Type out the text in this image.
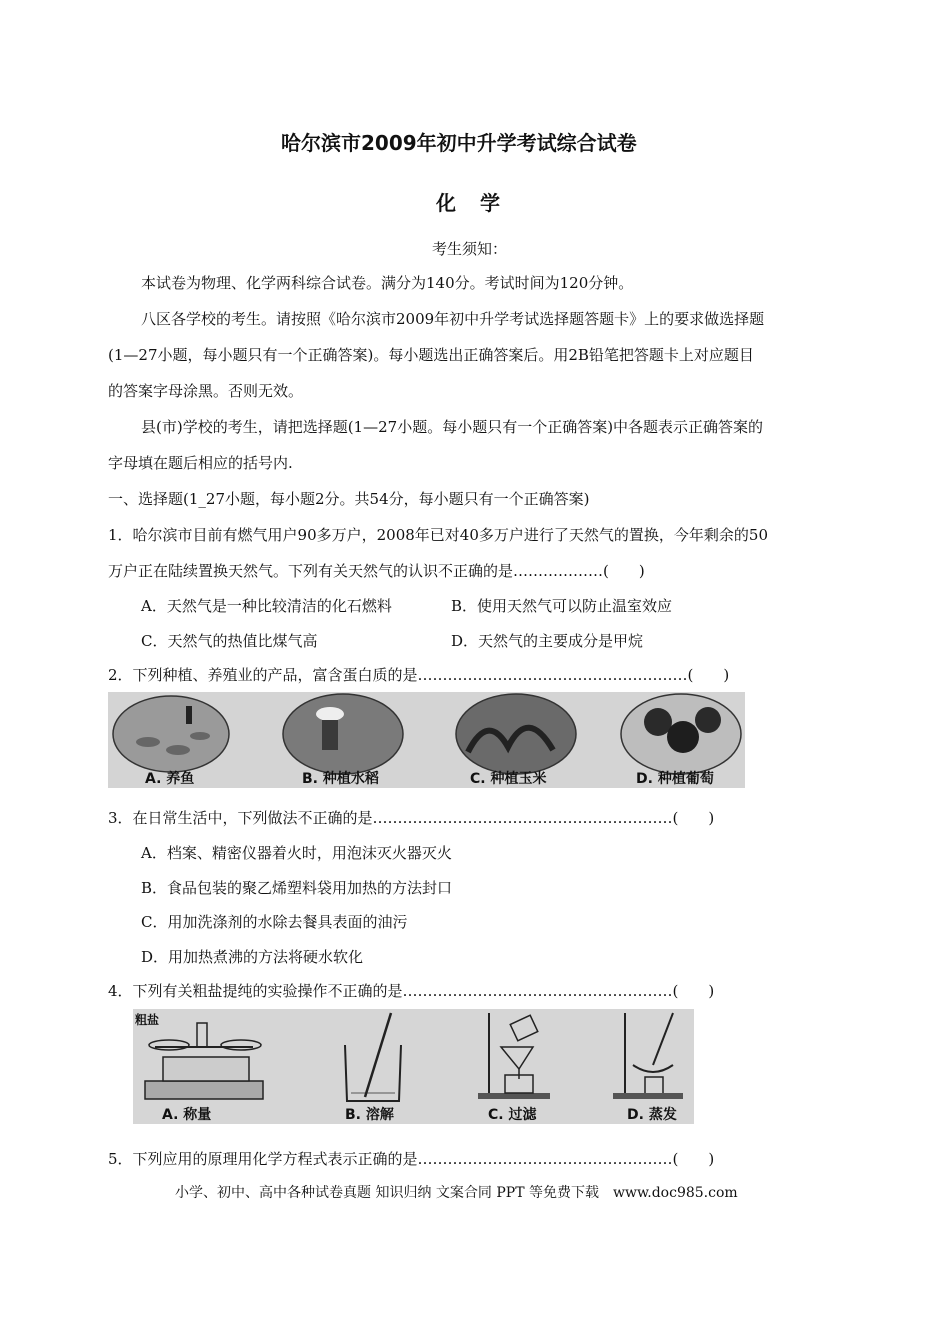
哈尔滨市2009年初中升学考试综合试卷
化　学
考生须知：
本试卷为物理、化学两科综合试卷。满分为140分。考试时间为120分钟。
八区各学校的考生。请按照《哈尔滨市2009年初中升学考试选择题答题卡》上的要求做选择题
(1—27小题，每小题只有一个正确答案)。每小题选出正确答案后。用2B铅笔把答题卡上对应题目
的答案字母涂黑。否则无效。
县(市)学校的考生，请把选择题(1—27小题。每小题只有一个正确答案)中各题表示正确答案的
字母填在题后相应的括号内.
一、选择题(1_27小题，每小题2分。共54分，每小题只有一个正确答案)
1．哈尔滨市目前有燃气用户90多万户，2008年已对40多万户进行了天然气的置换，今年剩余的50
万户正在陆续置换天然气。下列有关天然气的认识不正确的是………………(　　)
A．天然气是一种比较清洁的化石燃料	B．使用天然气可以防止温室效应
C．天然气的热值比煤气高	D．天然气的主要成分是甲烷
2．下列种植、养殖业的产品，富含蛋白质的是………………………………………………(　　)
A. 养鱼	B. 种植水稻	C. 种植玉米	D. 种植葡萄
3．在日常生活中，下列做法不正确的是……………………………………………………(　　)
A．档案、精密仪器着火时，用泡沫灭火器灭火
B．食品包装的聚乙烯塑料袋用加热的方法封口
C．用加洗涤剂的水除去餐具表面的油污
D．用加热煮沸的方法将硬水软化
4．下列有关粗盐提纯的实验操作不正确的是………………………………………………(　　)
粗盐
A. 称量	B. 溶解	C. 过滤	D. 蒸发
5．下列应用的原理用化学方程式表示正确的是……………………………………………(　　)
小学、初中、高中各种试卷真题 知识归纳 文案合同 PPT 等免费下载　www.doc985.com
